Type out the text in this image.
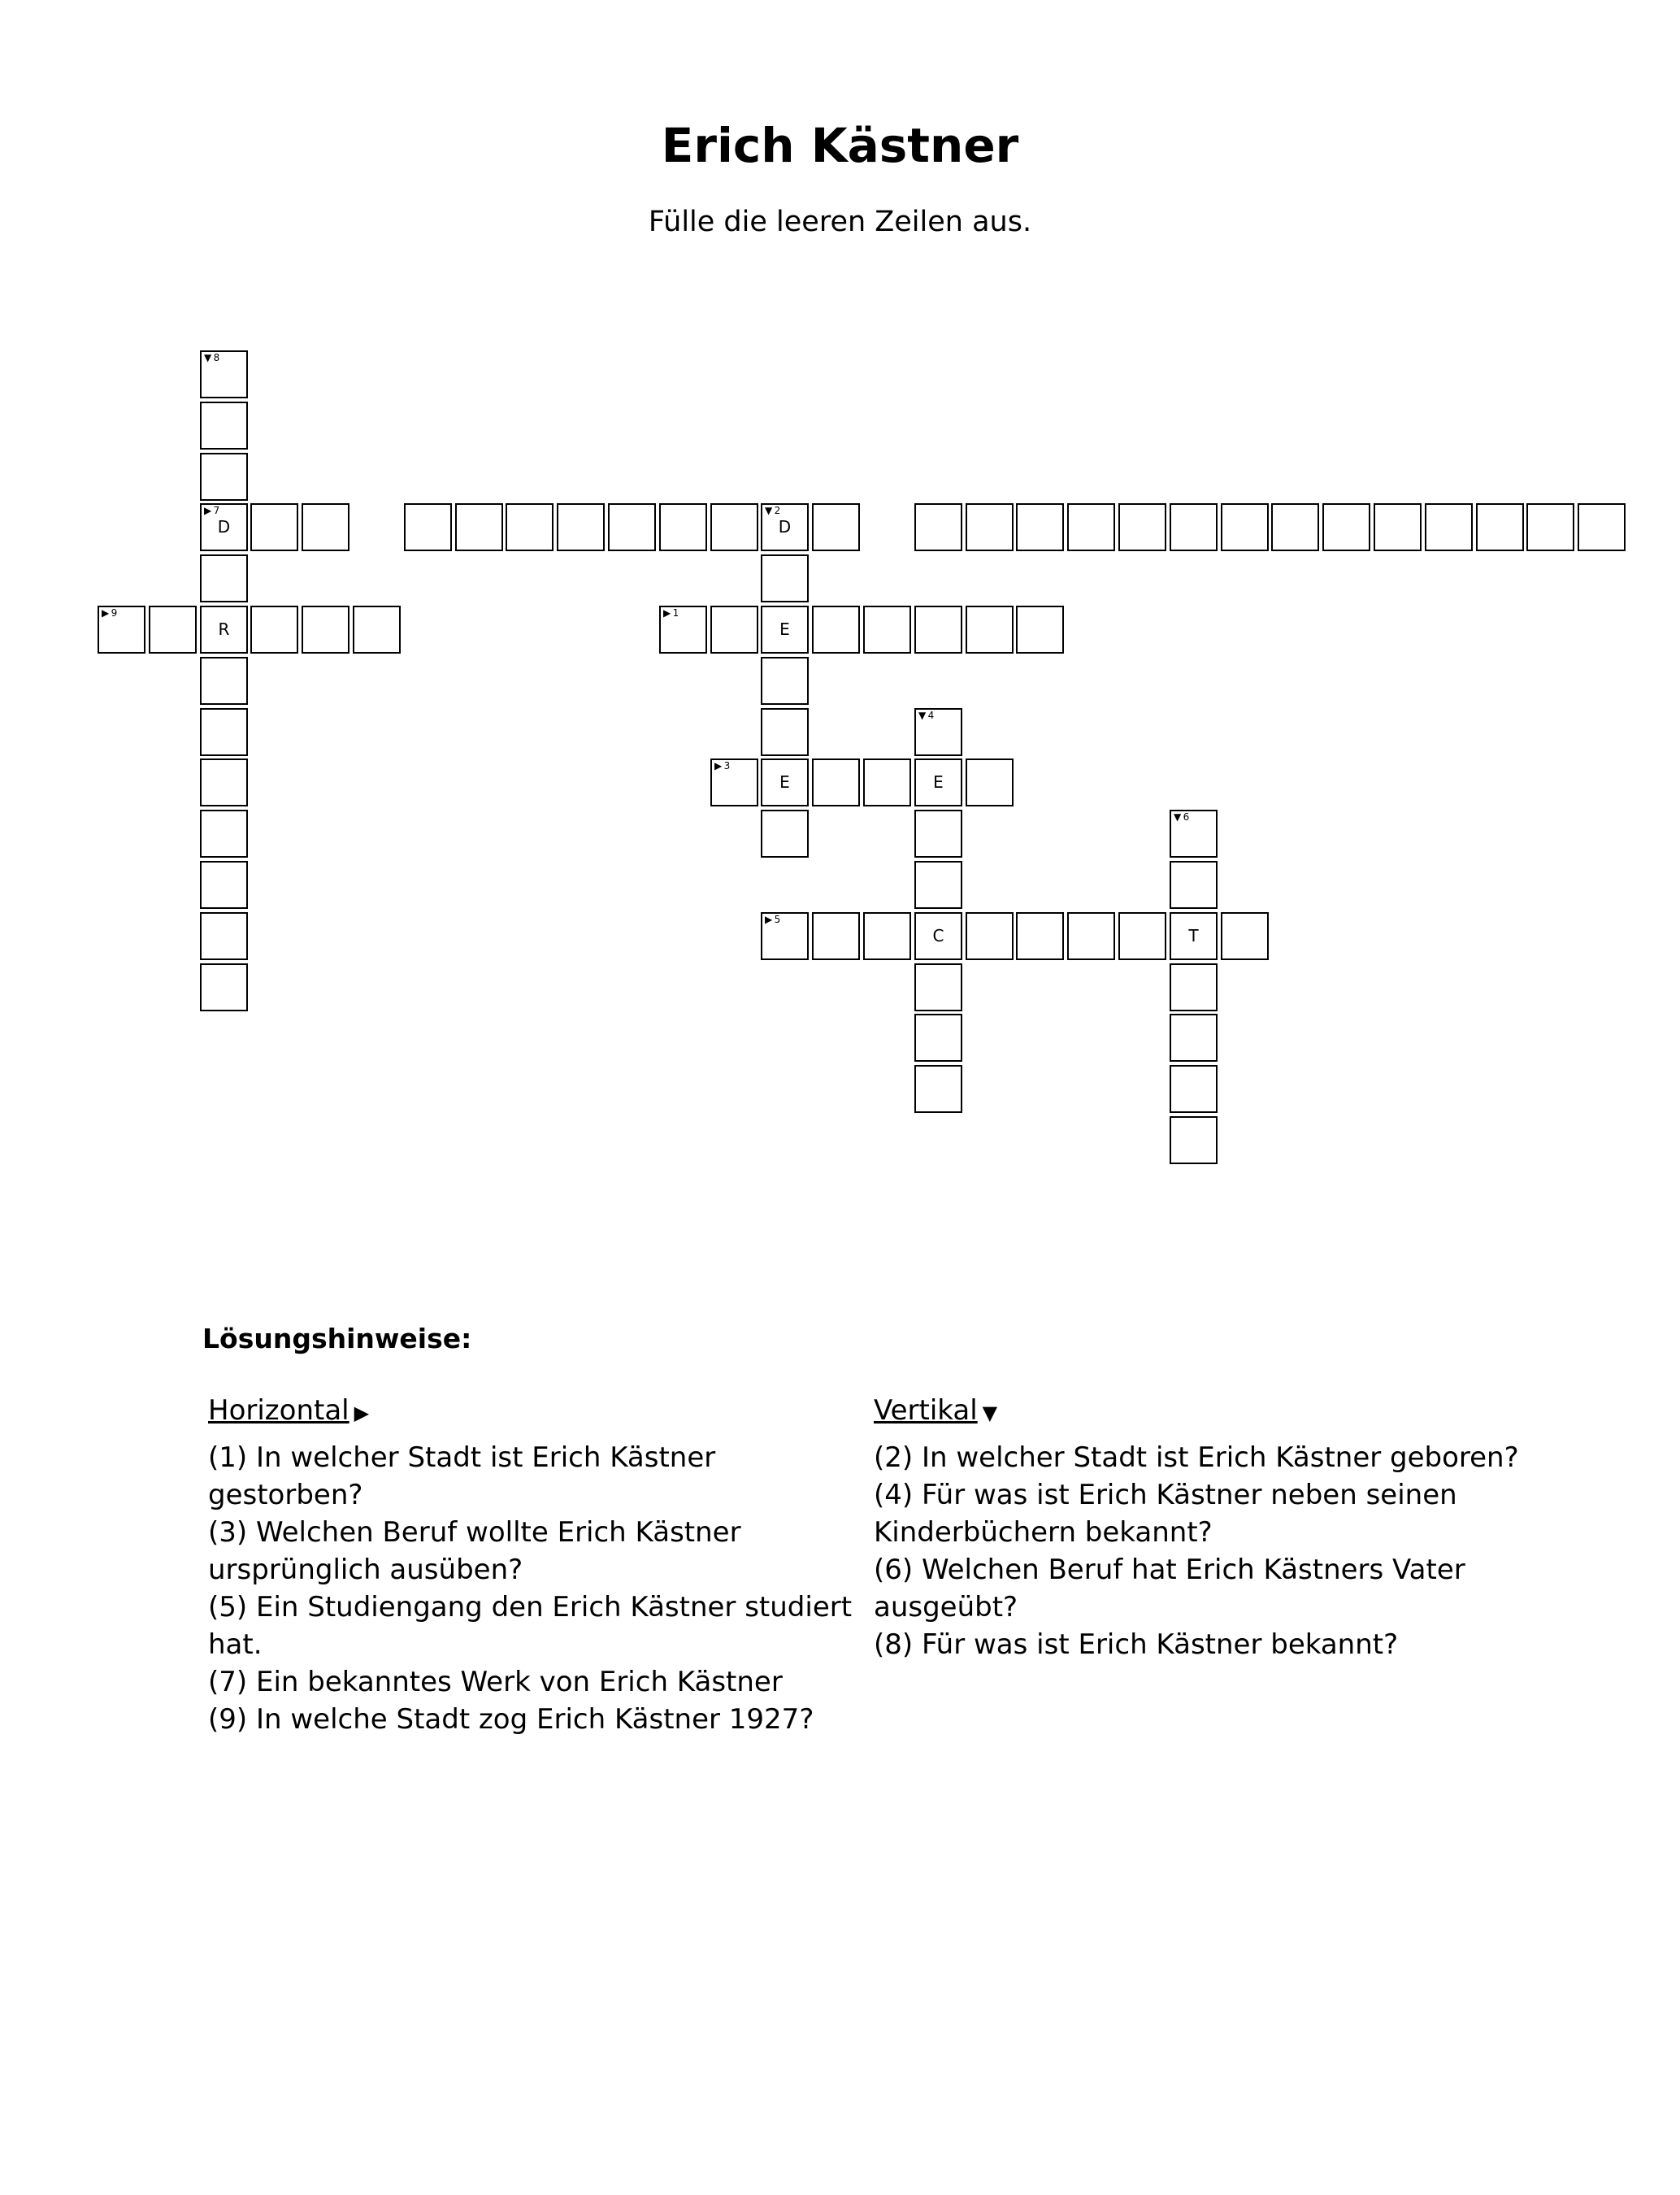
Erich Kästner

Fülle die leeren Zeilen aus.

▶ 1
E
▼ 2
D
E
▶ 3
E
▼ 4
C
▶ 5
T
▼ 6
▶ 7
D
▼ 8
R
▶ 9
Lösungshinweise:
Horizontal ▶

(1) In welcher Stadt ist Erich Kästner gestorben?

(3) Welchen Beruf wollte Erich Kästner ursprünglich ausüben?

(5) Ein Studiengang den Erich Kästner studiert hat.

(7) Ein bekanntes Werk von Erich Kästner

(9) In welche Stadt zog Erich Kästner 1927?

Vertikal ▼

(2) In welcher Stadt ist Erich Kästner geboren?

(4) Für was ist Erich Kästner neben seinen Kinderbüchern bekannt?

(6) Welchen Beruf hat Erich Kästners Vater ausgeübt?

(8) Für was ist Erich Kästner bekannt?
